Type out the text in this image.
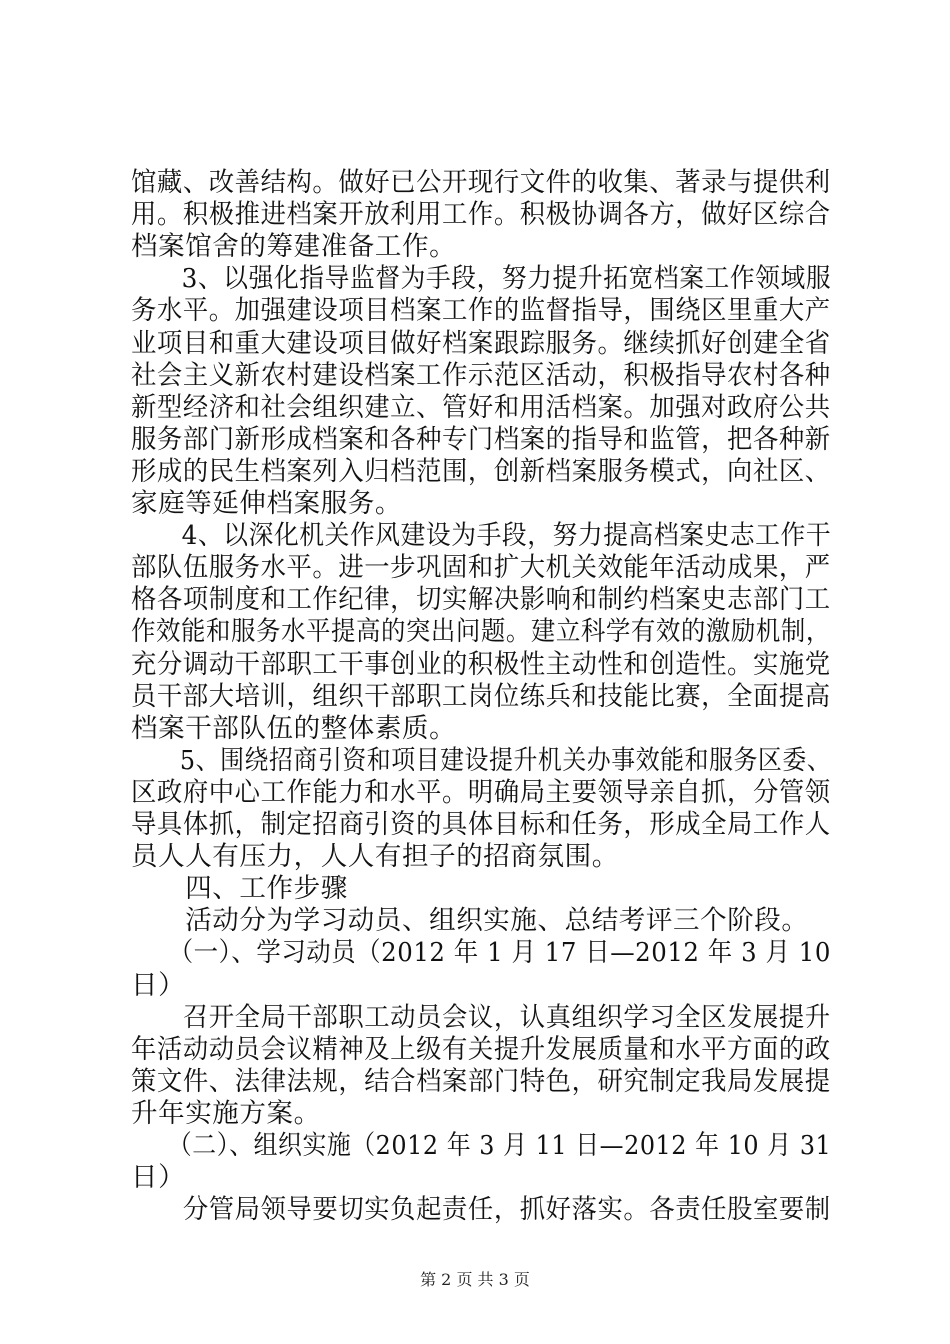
馆藏、改善结构。做好已公开现行文件的收集、著录与提供利
用。积极推进档案开放利用工作。积极协调各方，做好区综合
档案馆舍的筹建准备工作。
　　3、以强化指导监督为手段，努力提升拓宽档案工作领域服
务水平。加强建设项目档案工作的监督指导，围绕区里重大产
业项目和重大建设项目做好档案跟踪服务。继续抓好创建全省
社会主义新农村建设档案工作示范区活动，积极指导农村各种
新型经济和社会组织建立、管好和用活档案。加强对政府公共
服务部门新形成档案和各种专门档案的指导和监管，把各种新
形成的民生档案列入归档范围，创新档案服务模式，向社区、
家庭等延伸档案服务。
　　4、以深化机关作风建设为手段，努力提高档案史志工作干
部队伍服务水平。进一步巩固和扩大机关效能年活动成果，严
格各项制度和工作纪律，切实解决影响和制约档案史志部门工
作效能和服务水平提高的突出问题。建立科学有效的激励机制，
充分调动干部职工干事创业的积极性主动性和创造性。实施党
员干部大培训，组织干部职工岗位练兵和技能比赛，全面提高
档案干部队伍的整体素质。
　　5、围绕招商引资和项目建设提升机关办事效能和服务区委、
区政府中心工作能力和水平。明确局主要领导亲自抓，分管领
导具体抓，制定招商引资的具体目标和任务，形成全局工作人
员人人有压力，人人有担子的招商氛围。
　　四、工作步骤
　　活动分为学习动员、组织实施、总结考评三个阶段。
　　（一）、学习动员（2012 年 1 月 17 日—2012 年 3 月 10
日）
　　召开全局干部职工动员会议，认真组织学习全区发展提升
年活动动员会议精神及上级有关提升发展质量和水平方面的政
策文件、法律法规，结合档案部门特色，研究制定我局发展提
升年实施方案。
　　（二）、组织实施（2012 年 3 月 11 日—2012 年 10 月 31
日）
　　分管局领导要切实负起责任，抓好落实。各责任股室要制
第 2 页 共 3 页
